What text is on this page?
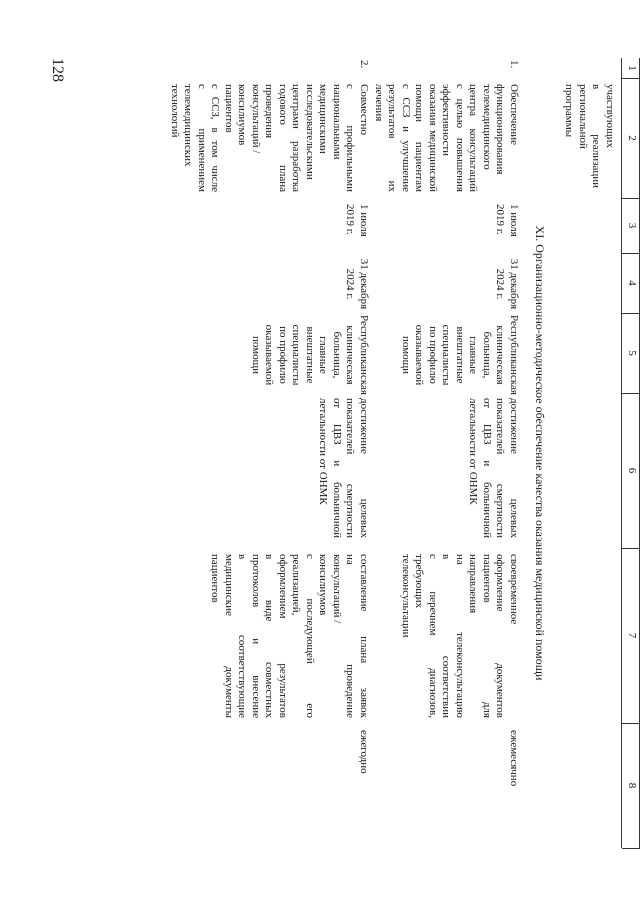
128	1
2
3
4
5
6
7
8
участвующих
в реализации
региональной
программы
XI. Организационно-методическое обеспечение качества оказания медицинской помощи
1.
Обеспечение
функционирования
телемедицинского
центра консультаций
с целью повышения
эффективности
оказания медицинской
помощи пациентам
с ССЗ и улучшение
результатов их лечения
1 июля
2019 г.
31 декабря
2024 г.
Республиканская
клиническая
больница,
главные
внештатные
специалисты
по профилю
оказываемой
помощи
достижение целевых
показателей смертности
от ЦВЗ и больничной
летальности от ОНМК
своевременное
оформление документов
пациентов для
направления
на телеконсультацию
в соответствии
с перечнем диагнозов,
требующих
телеконсультации
ежемесячно
2.
Совместно
с профильными
национальными
медицинскими
исследовательскими
центрами разработка
годового плана
проведения
консультаций /
консилиумов пациентов
с ССЗ, в том числе
с применением
телемедицинских
технологий
1 июля
2019 г.
31 декабря
2024 г.
Республиканская
клиническая
больница,
главные
внештатные
специалисты
по профилю
оказываемой
помощи
достижение целевых
показателей смертности
от ЦВЗ и больничной
летальности от ОНМК
составление плана заявок
на проведение
консультаций /
консилиумов
с последующей его
реализацией,
оформлением результатов
в виде совместных
протоколов и внесение
в соответствующие
медицинские документы
пациентов
ежегодно
